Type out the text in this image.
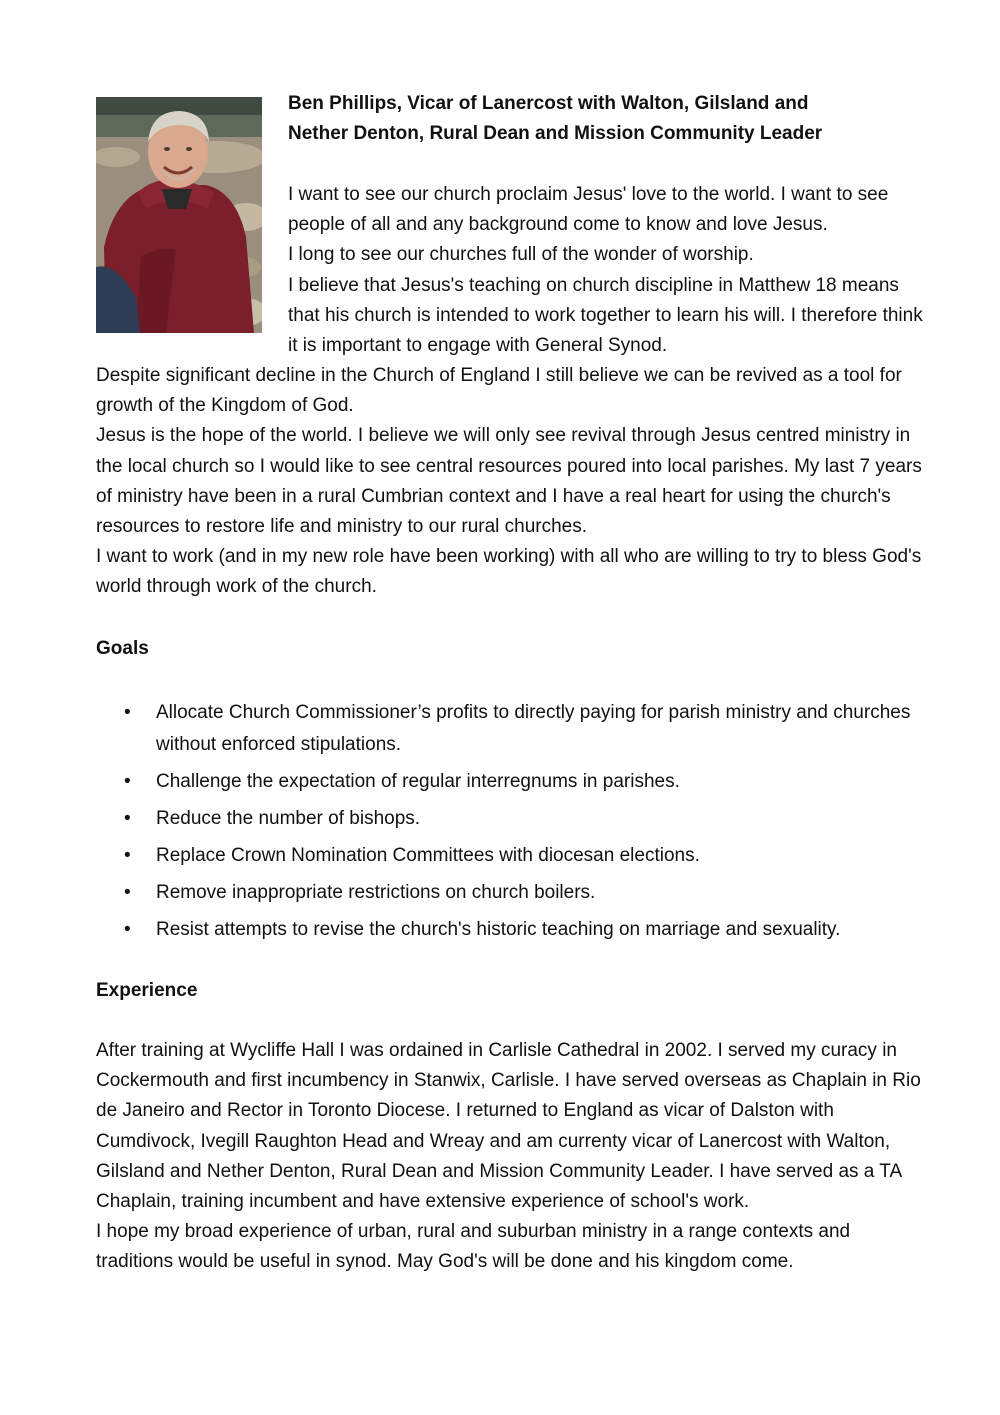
Ben Phillips, Vicar of Lanercost with Walton, Gilsland and
Nether Denton, Rural Dean and Mission Community Leader

I want to see our church proclaim Jesus' love to the world. I want to see people of all and any background come to know and love Jesus.

I long to see our churches full of the wonder of worship.

I believe that Jesus's teaching on church discipline in Matthew 18 means that his church is intended to work together to learn his will. I therefore think it is important to engage with General Synod.

Despite significant decline in the Church of England I still believe we can be revived as a tool for growth of the Kingdom of God.

Jesus is the hope of the world. I believe we will only see revival through Jesus centred ministry in the local church so I would like to see central resources poured into local parishes. My last 7 years of ministry have been in a rural Cumbrian context and I have a real heart for using the church's resources to restore life and ministry to our rural churches.

I want to work (and in my new role have been working) with all who are willing to try to bless God's world through work of the church.

Goals
• Allocate Church Commissioner’s profits to directly paying for parish ministry and churches without enforced stipulations.
• Challenge the expectation of regular interregnums in parishes.
• Reduce the number of bishops.
• Replace Crown Nomination Committees with diocesan elections.
• Remove inappropriate restrictions on church boilers.
• Resist attempts to revise the church's historic teaching on marriage and sexuality.
Experience

After training at Wycliffe Hall I was ordained in Carlisle Cathedral in 2002. I served my curacy in Cockermouth and first incumbency in Stanwix, Carlisle. I have served overseas as Chaplain in Rio de Janeiro and Rector in Toronto Diocese. I returned to England as vicar of Dalston with Cumdivock, Ivegill Raughton Head and Wreay and am currenty vicar of Lanercost with Walton, Gilsland and Nether Denton, Rural Dean and Mission Community Leader. I have served as a TA Chaplain, training incumbent and have extensive experience of school's work.

I hope my broad experience of urban, rural and suburban ministry in a range contexts and traditions would be useful in synod. May God's will be done and his kingdom come.
